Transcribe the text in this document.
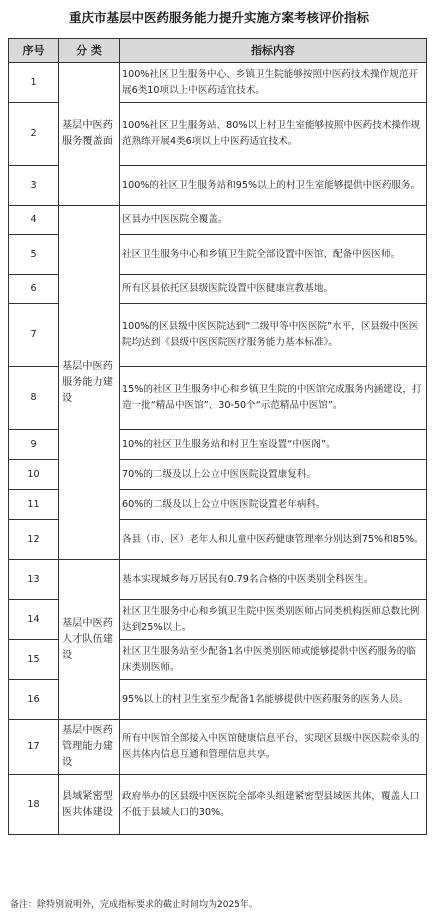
重庆市基层中医药服务能力提升实施方案考核评价指标
序号	分 类	指标内容
1	基层中医药服务覆盖面	100%社区卫生服务中心、乡镇卫生院能够按照中医药技术操作规范开展6类10项以上中医药适宜技术。
2		100%社区卫生服务站、80%以上村卫生室能够按照中医药技术操作规范熟练开展4类6项以上中医药适宜技术。
3		100%的社区卫生服务站和95%以上的村卫生室能够提供中医药服务。
4	基层中医药服务能力建设	区县办中医医院全覆盖。
5		社区卫生服务中心和乡镇卫生院全部设置中医馆、配备中医医师。
6		所有区县依托区县级医院设置中医健康宣教基地。
7		100%的区县级中医医院达到“二级甲等中医医院”水平，区县级中医医院均达到《县级中医医院医疗服务能力基本标准》。
8		15%的社区卫生服务中心和乡镇卫生院的中医馆完成服务内涵建设，打造一批“精品中医馆”、30-50个“示范精品中医馆”。
9		10%的社区卫生服务站和村卫生室设置“中医阁”。
10		70%的二级及以上公立中医医院设置康复科。
11		60%的二级及以上公立中医医院设置老年病科。
12		各县（市、区）老年人和儿童中医药健康管理率分别达到75%和85%。
13	基层中医药人才队伍建设	基本实现城乡每万居民有0.79名合格的中医类别全科医生。
14		社区卫生服务中心和乡镇卫生院中医类别医师占同类机构医师总数比例达到25%以上。
15		社区卫生服务站至少配备1名中医类别医师或能够提供中医药服务的临床类别医师。
16		95%以上的村卫生室至少配备1名能够提供中医药服务的医务人员。
17	基层中医药管理能力建设	所有中医馆全部接入中医馆健康信息平台，实现区县级中医医院牵头的医共体内信息互通和管理信息共享。
18	县域紧密型医共体建设	政府举办的区县级中医医院全部牵头组建紧密型县域医共体，覆盖人口不低于县域人口的30%。
备注：除特别说明外，完成指标要求的截止时间均为2025年。
